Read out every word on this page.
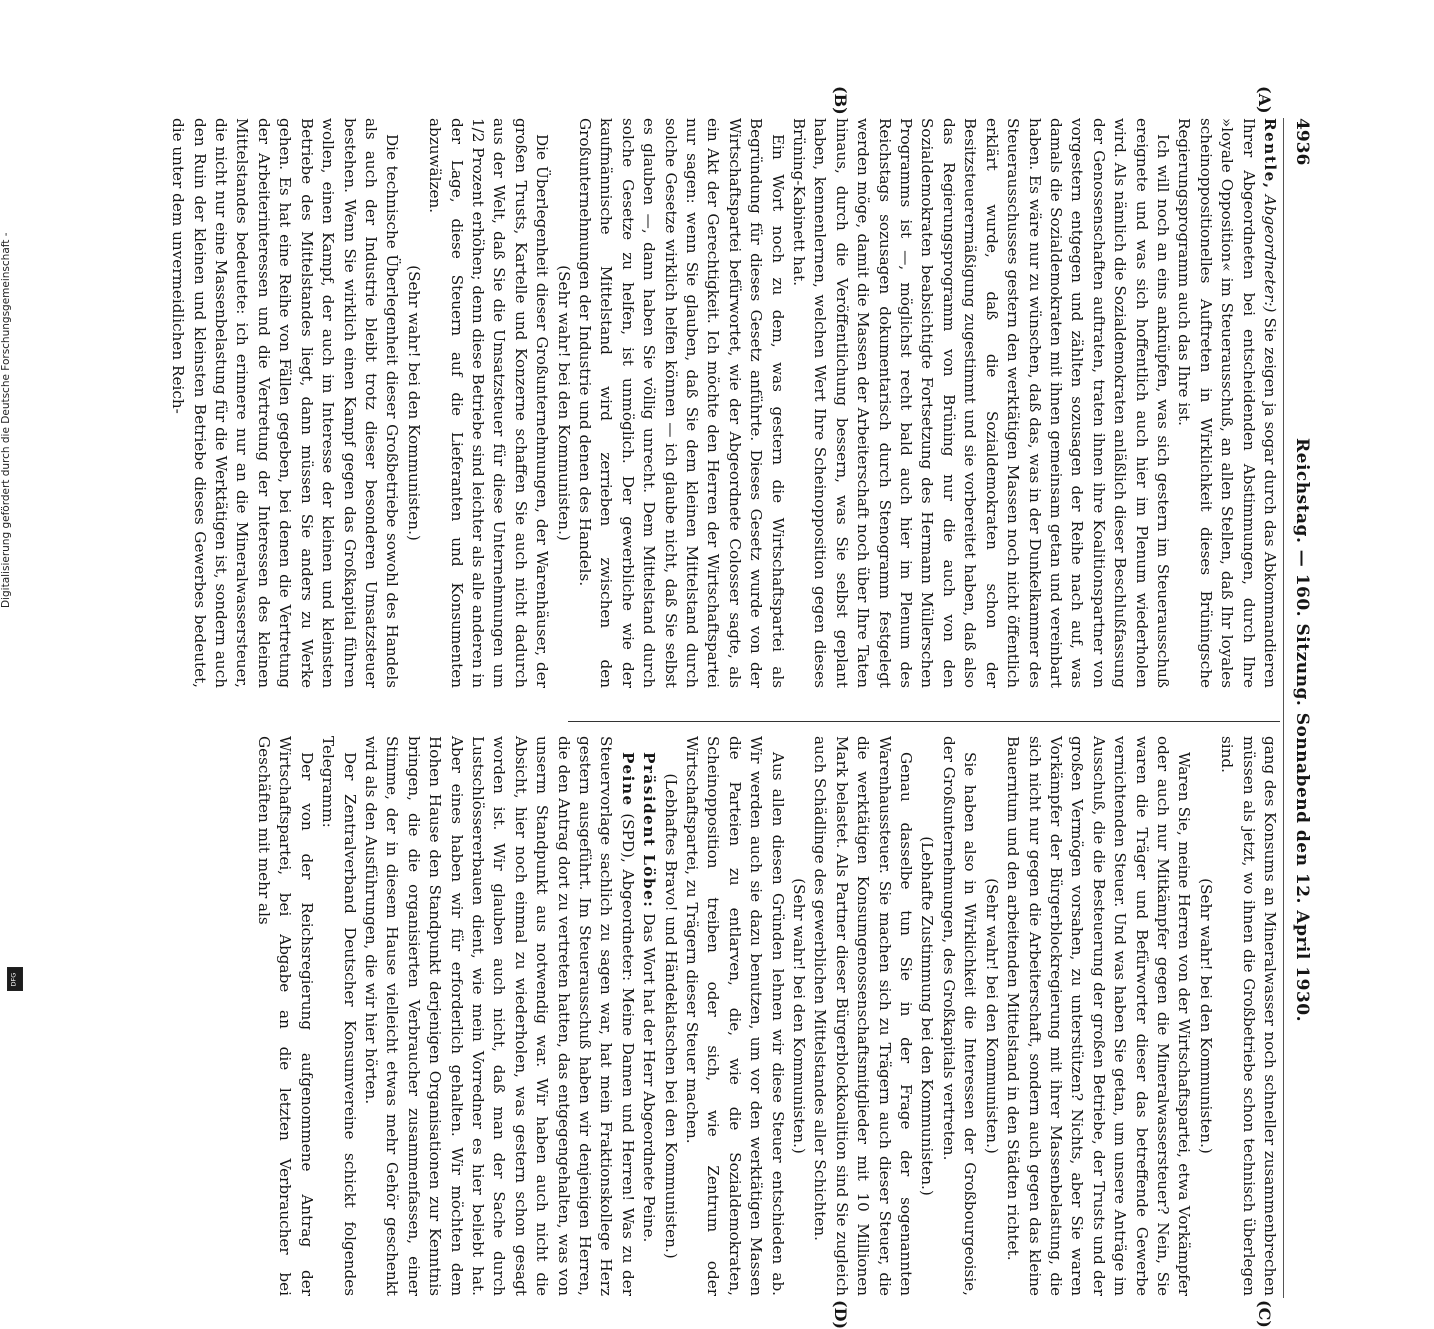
4936
Reichstag. — 160. Sitzung. Sonnabend den 12. April 1930.
(A)
(B)
(C)
(D)

Rentle, Abgeordneter:) Sie zeigen ja sogar durch das Abkommandieren Ihrer Abgeordneten bei entscheidenden Abstimmungen, durch Ihre »loyale Opposition« im Steuerausschuß, an allen Stellen, daß Ihr loyales scheinoppositionelles Auftreten in Wirklichkeit dieses Brüningsche Regierungsprogramm auch das Ihre ist.

Ich will noch an eins anknüpfen, was sich gestern im Steuerausschuß ereignete und was sich hoffentlich auch hier im Plenum wiederholen wird. Als nämlich die Sozialdemokraten anläßlich dieser Beschlußfassung der Genossenschaften auftraten, traten ihnen ihre Koalitionspartner von vorgestern entgegen und zählten sozusagen der Reihe nach auf, was damals die Sozialdemokraten mit ihnen gemeinsam getan und vereinbart haben. Es wäre nur zu wünschen, daß das, was in der Dunkelkammer des Steuerausschusses gestern den werktätigen Massen noch nicht öffentlich erklärt wurde, daß die Sozialdemokraten schon der Besitzsteuerermäßigung zugestimmt und sie vorbereitet haben, daß also das Regierungsprogramm von Brüning nur die auch von den Sozialdemokraten beabsichtigte Fortsetzung des Hermann Müllerschen Programms ist —, möglichst recht bald auch hier im Plenum des Reichstags sozusagen dokumentarisch durch Stenogramm festgelegt werden möge, damit die Massen der Arbeiterschaft noch über Ihre Taten hinaus, durch die Veröffentlichung bessern, was Sie selbst geplant haben, kennenlernen, welchen Wert Ihre Scheinopposition gegen dieses Brüning-Kabinett hat.

Ein Wort noch zu dem, was gestern die Wirtschaftspartei als Begründung für dieses Gesetz anführte. Dieses Gesetz wurde von der Wirtschaftspartei befürwortet, wie der Abgeordnete Colosser sagte, als ein Akt der Gerechtigkeit. Ich möchte den Herren der Wirtschaftspartei nur sagen: wenn Sie glauben, daß Sie dem kleinen Mittelstand durch solche Gesetze wirklich helfen können — ich glaube nicht, daß Sie selbst es glauben —, dann haben Sie völlig unrecht. Dem Mittelstand durch solche Gesetze zu helfen, ist unmöglich. Der gewerbliche wie der kaufmännische Mittelstand wird zerrieben zwischen den Großunternehmungen der Industrie und denen des Handels.

(Sehr wahr! bei den Kommunisten.)

Die Überlegenheit dieser Großunternehmungen, der Warenhäuser, der großen Trusts, Kartelle und Konzerne schaffen Sie auch nicht dadurch aus der Welt, daß Sie die Umsatzsteuer für diese Unternehmungen um 1/2 Prozent erhöhen; denn diese Betriebe sind leichter als alle anderen in der Lage, diese Steuern auf die Lieferanten und Konsumenten abzuwälzen.

(Sehr wahr! bei den Kommunisten.)

Die technische Überlegenheit dieser Großbetriebe sowohl des Handels als auch der Industrie bleibt trotz dieser besonderen Umsatzsteuer bestehen. Wenn Sie wirklich einen Kampf gegen das Großkapital führen wollen, einen Kampf, der auch im Interesse der kleinen und kleinsten Betriebe des Mittelstandes liegt, dann müssen Sie anders zu Werke gehen. Es hat eine Reihe von Fällen gegeben, bei denen die Vertretung der Arbeiterinteressen und die Vertretung der Interessen des kleinen Mittelstandes bedeutete: ich erinnere nur an die Mineralwassersteuer, die nicht nur eine Massenbelastung für die Werktätigen ist, sondern auch den Ruin der kleinen und kleinsten Betriebe dieses Gewerbes bedeutet, die unter dem unvermeidlichen Reich-

gang des Konsums an Mineralwasser noch schneller zusammenbrechen müssen als jetzt, wo ihnen die Großbetriebe schon technisch überlegen sind.

(Sehr wahr! bei den Kommunisten.)

Waren Sie, meine Herren von der Wirtschaftspartei, etwa Vorkämpfer oder auch nur Mitkämpfer gegen die Mineralwassersteuer? Nein, Sie waren die Träger und Befürworter dieser das betreffende Gewerbe vernichtenden Steuer. Und was haben Sie getan, um unsere Anträge im Ausschuß, die die Besteuerung der großen Betriebe, der Trusts und der großen Vermögen vorsahen, zu unterstützen? Nichts, aber Sie waren Vorkämpfer der Bürgerblockregierung mit ihrer Massenbelastung, die sich nicht nur gegen die Arbeiterschaft, sondern auch gegen das kleine Bauerntum und den arbeitenden Mittelstand in den Städten richtet.

(Sehr wahr! bei den Kommunisten.)

Sie haben also in Wirklichkeit die Interessen der Großbourgeoisie, der Großunternehmungen, des Großkapitals vertreten.

(Lebhafte Zustimmung bei den Kommunisten.)

Genau dasselbe tun Sie in der Frage der sogenannten Warenhaussteuer. Sie machen sich zu Trägern auch dieser Steuer, die die werktätigen Konsumgenossenschaftsmitglieder mit 10 Millionen Mark belastet. Als Partner dieser Bürgerblockkoalition sind Sie zugleich auch Schädlinge des gewerblichen Mittelstandes aller Schichten.

(Sehr wahr! bei den Kommunisten.)

Aus allen diesen Gründen lehnen wir diese Steuer entschieden ab. Wir werden auch sie dazu benutzen, um vor den werktätigen Massen die Parteien zu entlarven, die, wie die Sozialdemokraten, Scheinopposition treiben oder sich, wie Zentrum oder Wirtschaftspartei, zu Trägern dieser Steuer machen.

(Lebhaftes Bravo! und Händeklatschen bei den Kommunisten.)

Präsident Löbe: Das Wort hat der Herr Abgeordnete Peine.

Peine (SPD), Abgeordneter: Meine Damen und Herren! Was zu der Steuervorlage sachlich zu sagen war, hat mein Fraktionskollege Herz gestern ausgeführt. Im Steuerausschuß haben wir denjenigen Herren, die den Antrag dort zu vertreten hatten, das entgegengehalten, was von unserm Standpunkt aus notwendig war. Wir haben auch nicht die Absicht, hier noch einmal zu wiederholen, was gestern schon gesagt worden ist. Wir glauben auch nicht, daß man der Sache durch Lustschlössererbauen dient, wie mein Vorredner es hier beliebt hat. Aber eines haben wir für erforderlich gehalten. Wir möchten dem Hohen Hause den Standpunkt derjenigen Organisationen zur Kenntnis bringen, die die organisierten Verbraucher zusammenfassen, einer Stimme, der in diesem Hause vielleicht etwas mehr Gehör geschenkt wird als den Ausführungen, die wir hier hörten.

Der Zentralverband Deutscher Konsumvereine schickt folgendes Telegramm:

Der von der Reichsregierung aufgenommene Antrag der Wirtschaftspartei, bei Abgabe an die letzten Verbraucher bei Geschäften mit mehr als

Digitalisierung gefördert durch die Deutsche Forschungsgemeinschaft -
DFG
